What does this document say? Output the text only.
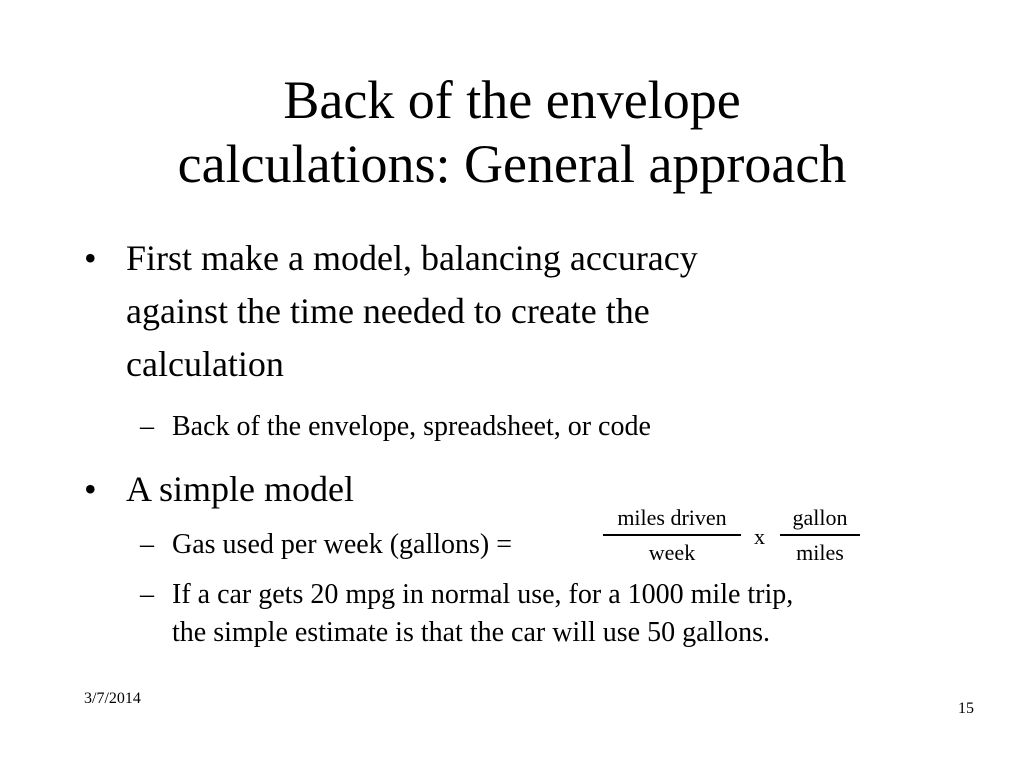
Back of the envelope
calculations: General approach
• First make a model, balancing accuracy
against the time needed to create the
calculation
– Back of the envelope, spreadsheet, or code
• A simple model
– Gas used per week (gallons) =
miles driven
week
x
gallon
miles
– If a car gets 20 mpg in normal use, for a 1000 mile trip,
the simple estimate is that the car will use 50 gallons.
3/7/2014
15
